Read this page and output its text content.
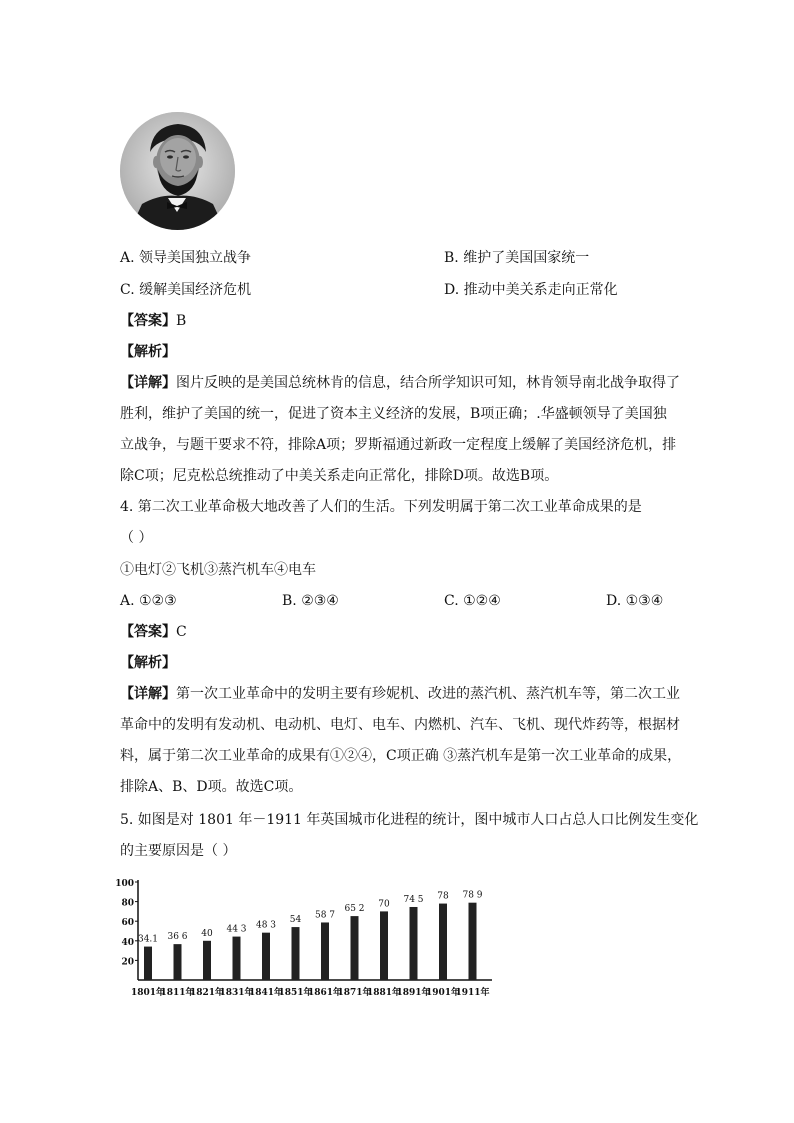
A. 领导美国独立战争	B. 维护了美国国家统一
C. 缓解美国经济危机	D. 推动中美关系走向正常化
【答案】B
【解析】
【详解】图片反映的是美国总统林肯的信息，结合所学知识可知，林肯领导南北战争取得了
胜利，维护了美国的统一，促进了资本主义经济的发展，B项正确；.华盛顿领导了美国独
立战争，与题干要求不符，排除A项；罗斯福通过新政一定程度上缓解了美国经济危机，排
除C项；尼克松总统推动了中美关系走向正常化，排除D项。故选B项。
4. 第二次工业革命极大地改善了人们的生活。下列发明属于第二次工业革命成果的是
（ ）
①电灯②飞机③蒸汽机车④电车
A. ①②③	B. ②③④	C. ①②④	D. ①③④
【答案】C
【解析】
【详解】第一次工业革命中的发明主要有珍妮机、改进的蒸汽机、蒸汽机车等，第二次工业
革命中的发明有发动机、电动机、电灯、电车、内燃机、汽车、飞机、现代炸药等，根据材
料，属于第二次工业革命的成果有①②④，C项正确 ③蒸汽机车是第一次工业革命的成果，
排除A、B、D项。故选C项。
5. 如图是对 1801 年－1911 年英国城市化进程的统计，图中城市人口占总人口比例发生变化
的主要原因是（ ）
100
80
60
40
20
34.1
1801年
36 6
1811年
40
1821年
44 3
1831年
48 3
1841年
54
1851年
58 7
1861年
65 2
1871年
70
1881年
74 5
1891年
78
1901年
78 9
1911年
